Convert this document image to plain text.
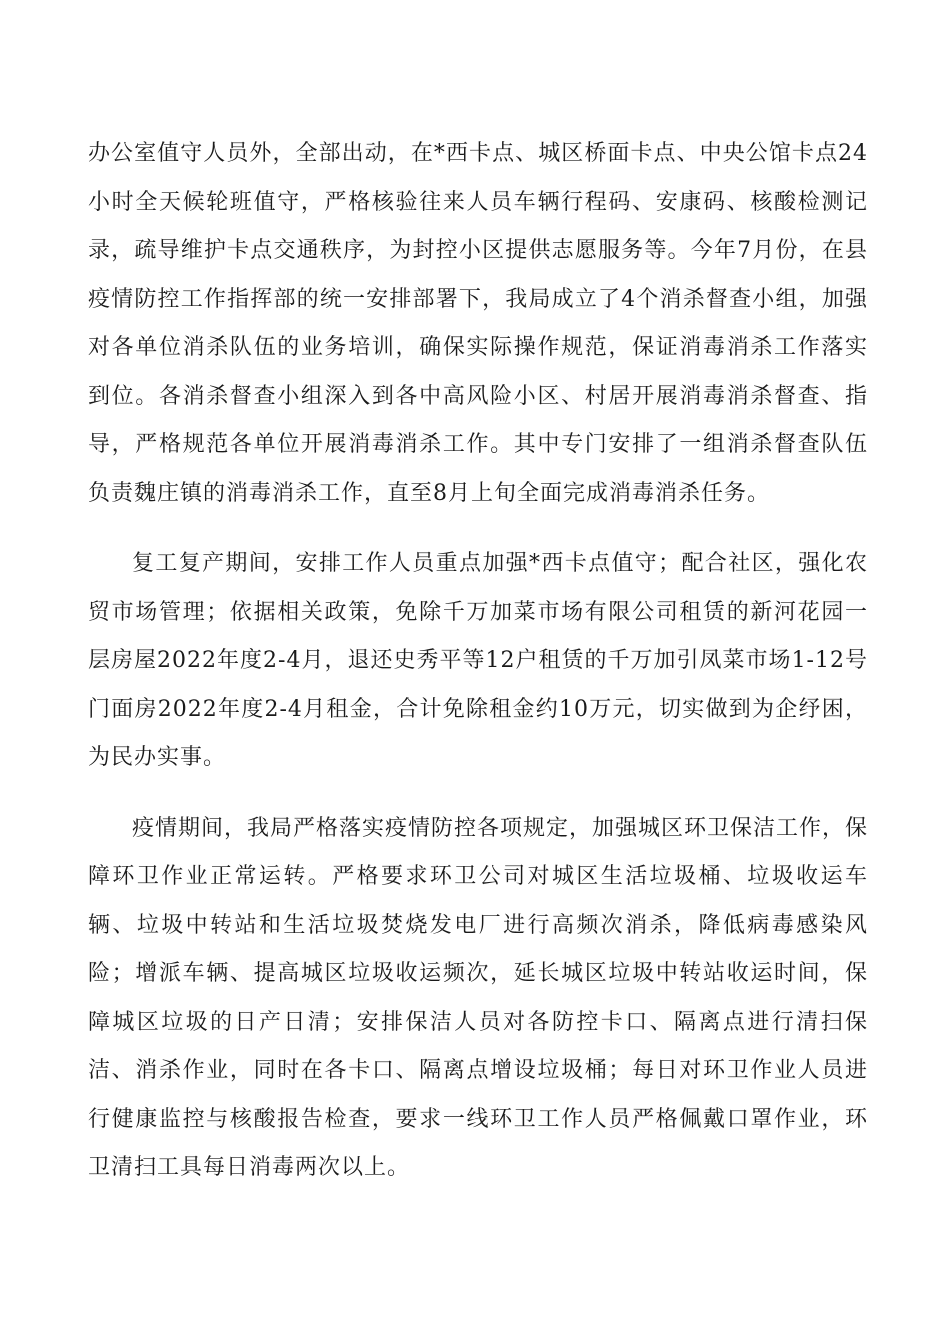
办公室值守人员外，全部出动，在*西卡点、城区桥面卡点、中央公馆卡点24小时全天候轮班值守，严格核验往来人员车辆行程码、安康码、核酸检测记录，疏导维护卡点交通秩序，为封控小区提供志愿服务等。今年7月份，在县疫情防控工作指挥部的统一安排部署下，我局成立了4个消杀督查小组，加强对各单位消杀队伍的业务培训，确保实际操作规范，保证消毒消杀工作落实到位。各消杀督查小组深入到各中高风险小区、村居开展消毒消杀督查、指导，严格规范各单位开展消毒消杀工作。其中专门安排了一组消杀督查队伍负责魏庄镇的消毒消杀工作，直至8月上旬全面完成消毒消杀任务。

复工复产期间，安排工作人员重点加强*西卡点值守；配合社区，强化农贸市场管理；依据相关政策，免除千万加菜市场有限公司租赁的新河花园一层房屋2022年度2-4月，退还史秀平等12户租赁的千万加引凤菜市场1-12号门面房2022年度2-4月租金，合计免除租金约10万元，切实做到为企纾困，为民办实事。

疫情期间，我局严格落实疫情防控各项规定，加强城区环卫保洁工作，保障环卫作业正常运转。严格要求环卫公司对城区生活垃圾桶、垃圾收运车辆、垃圾中转站和生活垃圾焚烧发电厂进行高频次消杀，降低病毒感染风险；增派车辆、提高城区垃圾收运频次，延长城区垃圾中转站收运时间，保障城区垃圾的日产日清；安排保洁人员对各防控卡口、隔离点进行清扫保洁、消杀作业，同时在各卡口、隔离点增设垃圾桶；每日对环卫作业人员进行健康监控与核酸报告检查，要求一线环卫工作人员严格佩戴口罩作业，环卫清扫工具每日消毒两次以上。
